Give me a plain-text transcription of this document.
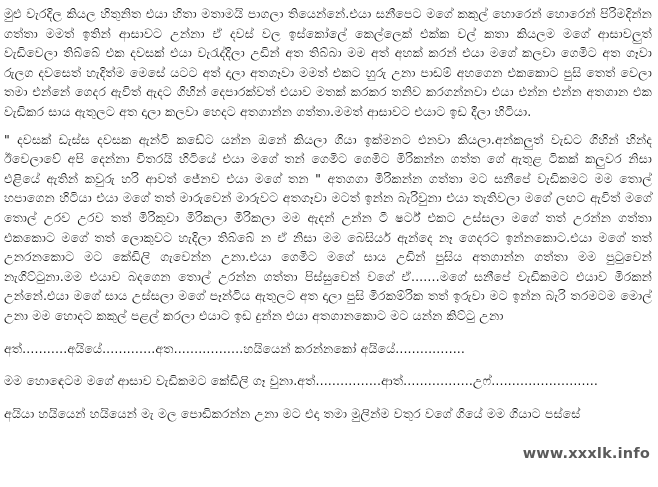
මුළු වැරදිල කියල හිතුනිත එයා හිතා මතාමයි පාගලා තියෙන්නේ.එයා සනීපෙට මගේ කකුල් හොරෙන් හොරෙන් පිරිමදින්න ගත්තා මමත් ඉතින් ආසාවට උන්නා ඒ දවස් වල ඉස්කෝලේ කෙල්ලෙක් එක්ක වල් කතා කියලම මගේ ආසාවලුත් වැඩිවෙලා තිබ්බේ එක දවසක් එයා වැරැද්දිලා උඩින් අත තිබ්බා මම අත් අහක් කරන් එයා මගේ කලවා ගෙමිට අත ගෑවා රුලග දවසෙත් හැදිත්ම මෙසේ යටට අත් දාලා අතගෑවා මමත් එකට හුරු උනා පාඩම් අහගෙන එකකොට පුසි තෙත් වෙලා තමා එන්නේ ගෙදර ඇවිත් ඇදට ගිහින් දෙපාරක්වත් එයාව මතක් කරකර තනිව කරගන්නවා එයා එන්න එන්න අතගාන එක වැඩිකර සාය ඇතුලට අත දාලා කලවා හෙදට අතගාන්න ගත්තා.මමත් ආසාවට එයාට ඉඩ දීලා හිටියා.

" දවසක් ඩැස්ස දවසක ඇන්ටි කඩේට යන්න ඔනේ කියලා ගියා ඉක්මනට එනවා කියලා.අන්කලුත් වැඩට ගිහින් හින්ද ඊවෙලාවේ අපි දෙන්නා විතරයි හිටියේ එයා මගේ තන් ගෙමිට ගෙමිට මිරිකන්න ගත්ත ගේ ඇතුළ ටිකක් කලුවර නිසා එළියේ ඇතින් කවුරු හරි ආවත් ජේනව එයා මගේ තන " අතගගා මිරිකන්න ගත්තා මට සනීපේ වැඩිකමට මම තොල් හපාගෙන හිටියා එයා මගේ තත් මාරුවෙන් මාරුවට අතගෑවා මටත් ඉන්න බැරිවුනා එයා තැතිවලා මගේ ලඟට ඇවිත් මගේ තොල් උරව උරව තත් මිරිකුවා මිරිකලා මිරිකලා මම ඇදන් උන්න ටී ෂර්ට් එකට උස්සලා මගේ තත් උරන්න ගත්තා එකකොට මගේ තත් ලොකුවට හැදිලා තිබ්බේ න ඒ නිසා මම බෙසියර් ඇන්දෙ නෑ ගෙදරට ඉන්නකොට.එයා මගේ තත් උනරනකොට මට කේඩිලි ගැවෙන්න උනා.එයා ගෙමිට මගේ සාය උඩින් පුසිය අතගාන්න ගත්තා මම පුටුවෙන් නැගිට්ටුනා.මම එයාව බදගෙන තොල් උරන්න ගත්තා පිස්සුවෙන් වගේ ඒ.......මගේ සනීපේ වැඩිකමට එයාව මිරකන් උන්නේ.එයා මගේ සාය උස්සලා මගේ පෑන්ටිය ඇතුලට අත දාලා පුසි මිරකම්රික තත් ඉරුවා මට ඉන්න බැරි තරමටම මොල් උනා මම හොදට කකුල් පළල් කරලා එයාට ඉඩ දුන්න එයා අතගානකොට මට යන්න කිට්ටු උනා

අත්...........අයියේ.............අත.................හයියෙන් කරන්නකෝ අයියේ.................

මම හොඳෙටම මගේ ආසාව වැඩිකමට කේඩිලි ගෑ වුනා.අත්................ආත්.................උෆ්..........................

අයියා හයියෙන් හයියෙන් මැ මල පොඩිකරන්න උනා මට එදා තමා මුලින්ම වතුර වගේ ගියේ මම ගියාට පස්සේ

www.xxxlk.info
